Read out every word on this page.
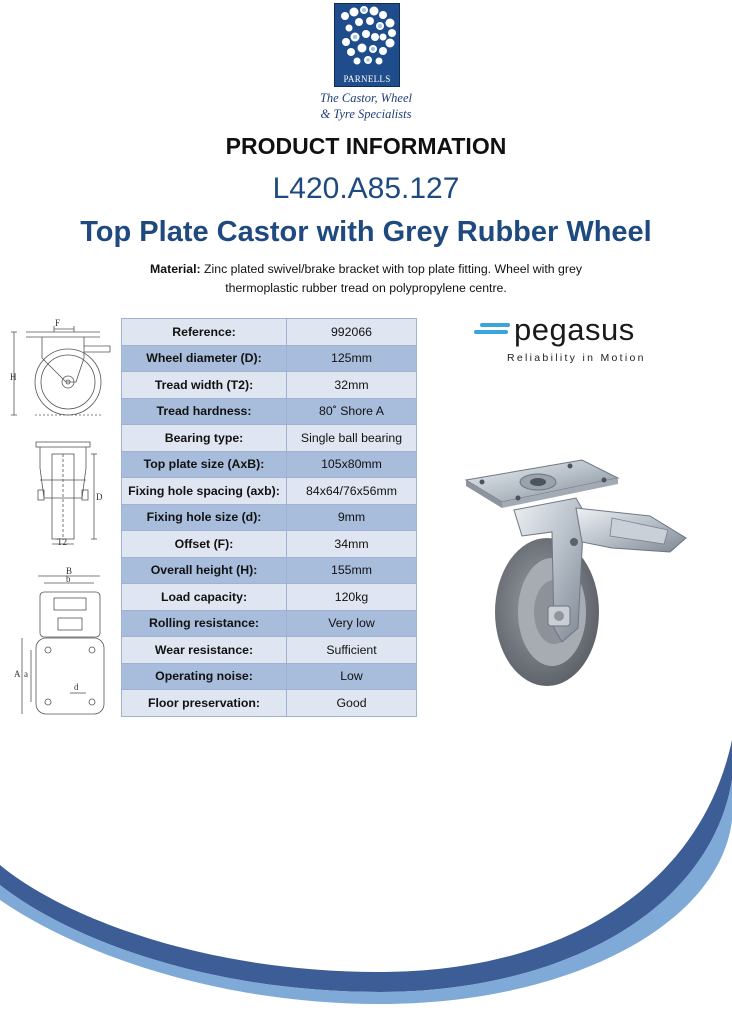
PARNELLS
The Castor, Wheel
& Tyre Specialists
PRODUCT INFORMATION
L420.A85.127
Top Plate Castor with Grey Rubber Wheel
Material: Zinc plated swivel/brake bracket with top plate fitting. Wheel with grey
thermoplastic rubber tread on polypropylene centre.
F
H
D
T2
B
b
A a
d
Reference:	992066
Wheel diameter (D):	125mm
Tread width (T2):	32mm
Tread hardness:	80˚ Shore A
Bearing type:	Single ball bearing
Top plate size (AxB):	105x80mm
Fixing hole spacing (axb):	84x64/76x56mm
Fixing hole size (d):	9mm
Offset (F):	34mm
Overall height (H):	155mm
Load capacity:	120kg
Rolling resistance:	Very low
Wear resistance:	Sufficient
Operating noise:	Low
Floor preservation:	Good
pegasus
Reliability in Motion
